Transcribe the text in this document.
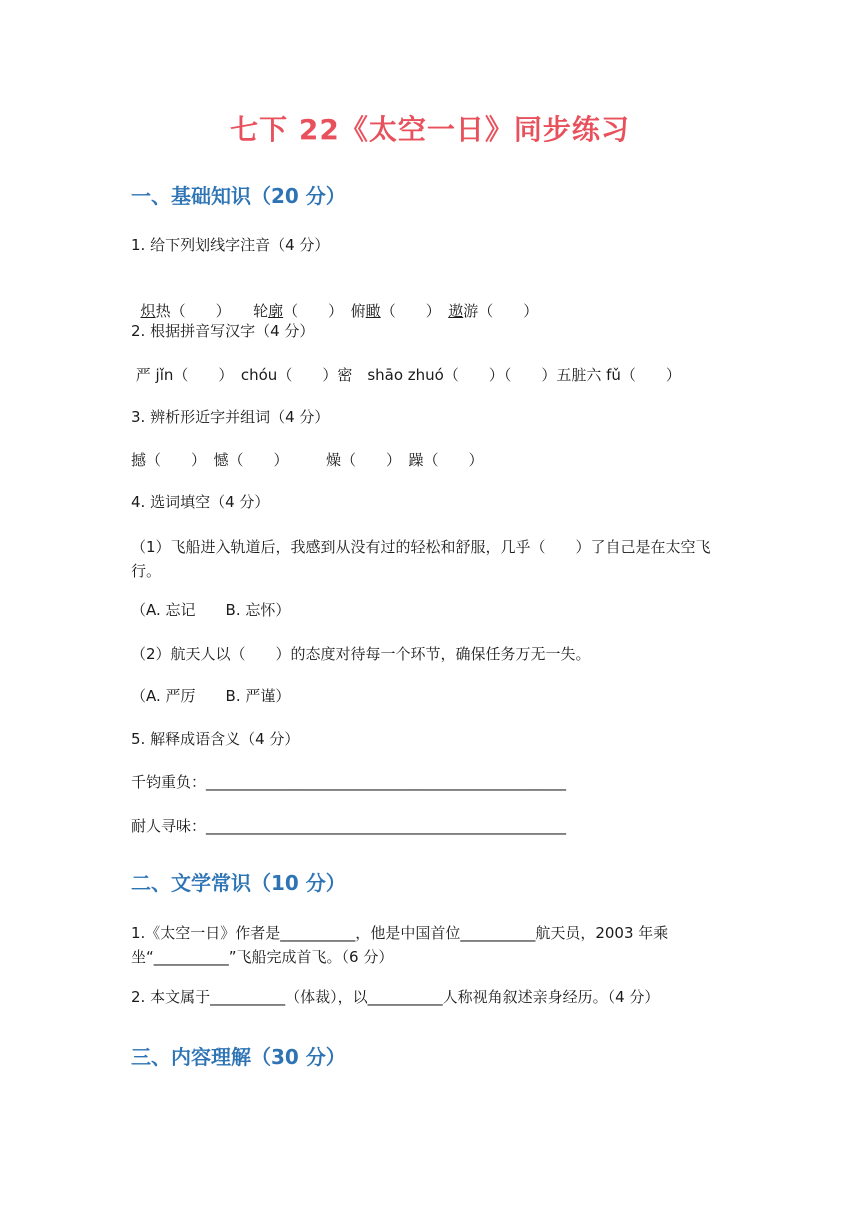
七下 22《太空一日》同步练习
一、基础知识（20 分）
1. 给下列划线字注音（4 分）

炽热（　　）　　 轮廓（　　）　 俯瞰（　　）　 遨游（　　）

2. 根据拼音写汉字（4 分）
严 jǐn（　　）　chóu（　　）密　shāo zhuó（　　）（　　）五脏六 fǔ（　　）
3. 辨析形近字并组词（4 分）
撼（　　）　憾（　　）　　　燥（　　）　躁（　　）
4. 选词填空（4 分）
（1）飞船进入轨道后，我感到从没有过的轻松和舒服，几乎（　　）了自己是在太空飞行。
（A. 忘记　　B. 忘怀）
（2）航天人以（　　）的态度对待每一个环节，确保任务万无一失。
（A. 严厉　　B. 严谨）
5. 解释成语含义（4 分）
千钧重负：________________________________________________
耐人寻味：________________________________________________
二、文学常识（10 分）
1.《太空一日》作者是__________，他是中国首位__________航天员，2003 年乘坐“__________”飞船完成首飞。（6 分）
2. 本文属于__________（体裁），以__________人称视角叙述亲身经历。（4 分）
三、内容理解（30 分）
